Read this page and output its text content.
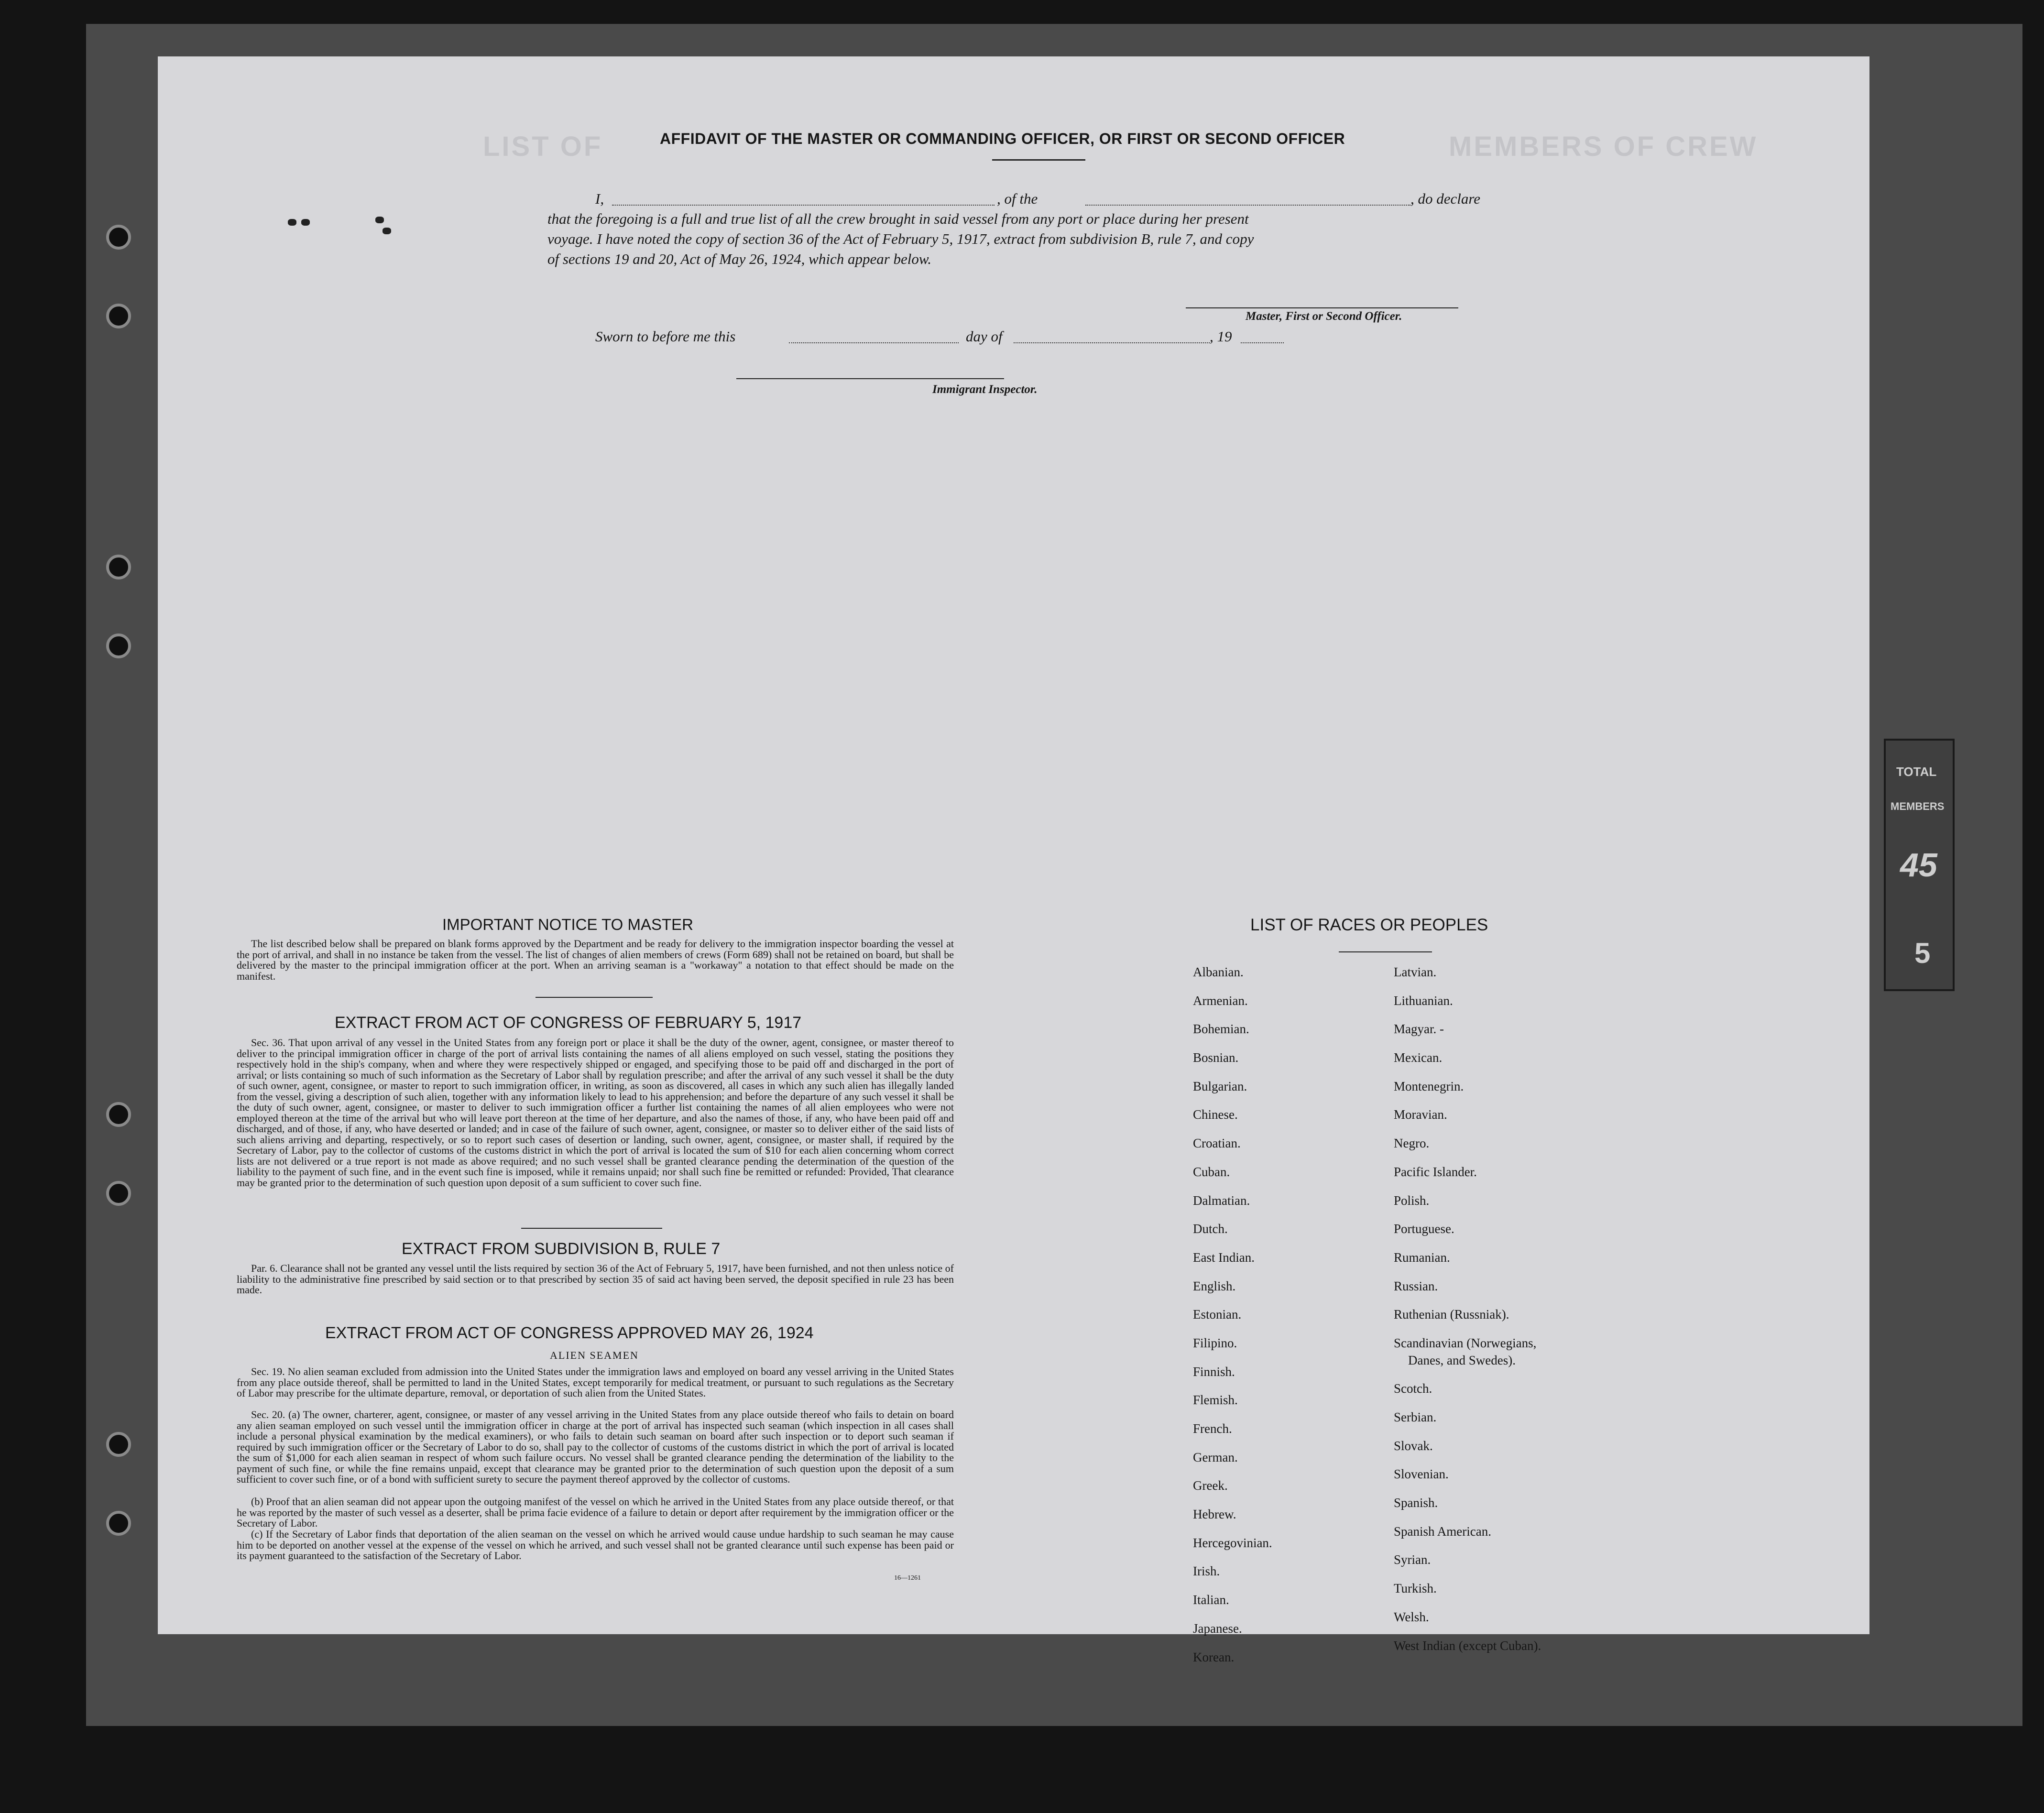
TOTAL
MEMBERS
45
5
LIST OF	MEMBERS OF CREW
AFFIDAVIT OF THE MASTER OR COMMANDING OFFICER, OR FIRST OR SECOND OFFICER
I,	, of the	, do declare
that the foregoing is a full and true list of all the crew brought in said vessel from any port or place during her present
voyage. I have noted the copy of section 36 of the Act of February 5, 1917, extract from subdivision B, rule 7, and copy
of sections 19 and 20, Act of May 26, 1924, which appear below.
Master, First or Second Officer.
Sworn to before me this	day of	, 19
Immigrant Inspector.
IMPORTANT NOTICE TO MASTER
The list described below shall be prepared on blank forms approved by the Department and be ready for delivery to the immigration inspector boarding the vessel at the port of arrival, and shall in no instance be taken from the vessel. The list of changes of alien members of crews (Form 689) shall not be retained on board, but shall be delivered by the master to the principal immigration officer at the port. When an arriving seaman is a "workaway" a notation to that effect should be made on the manifest.
EXTRACT FROM ACT OF CONGRESS OF FEBRUARY 5, 1917
Sec. 36. That upon arrival of any vessel in the United States from any foreign port or place it shall be the duty of the owner, agent, consignee, or master thereof to deliver to the principal immigration officer in charge of the port of arrival lists containing the names of all aliens employed on such vessel, stating the positions they respectively hold in the ship's company, when and where they were respectively shipped or engaged, and specifying those to be paid off and discharged in the port of arrival; or lists containing so much of such information as the Secretary of Labor shall by regulation prescribe; and after the arrival of any such vessel it shall be the duty of such owner, agent, consignee, or master to report to such immigration officer, in writing, as soon as discovered, all cases in which any such alien has illegally landed from the vessel, giving a description of such alien, together with any information likely to lead to his apprehension; and before the departure of any such vessel it shall be the duty of such owner, agent, consignee, or master to deliver to such immigration officer a further list containing the names of all alien employees who were not employed thereon at the time of the arrival but who will leave port thereon at the time of her departure, and also the names of those, if any, who have been paid off and discharged, and of those, if any, who have deserted or landed; and in case of the failure of such owner, agent, consignee, or master so to deliver either of the said lists of such aliens arriving and departing, respectively, or so to report such cases of desertion or landing, such owner, agent, consignee, or master shall, if required by the Secretary of Labor, pay to the collector of customs of the customs district in which the port of arrival is located the sum of $10 for each alien concerning whom correct lists are not delivered or a true report is not made as above required; and no such vessel shall be granted clearance pending the determination of the question of the liability to the payment of such fine, and in the event such fine is imposed, while it remains unpaid; nor shall such fine be remitted or refunded: Provided, That clearance may be granted prior to the determination of such question upon deposit of a sum sufficient to cover such fine.
EXTRACT FROM SUBDIVISION B, RULE 7
Par. 6. Clearance shall not be granted any vessel until the lists required by section 36 of the Act of February 5, 1917, have been furnished, and not then unless notice of liability to the administrative fine prescribed by said section or to that prescribed by section 35 of said act having been served, the deposit specified in rule 23 has been made.
EXTRACT FROM ACT OF CONGRESS APPROVED MAY 26, 1924
ALIEN SEAMEN
Sec. 19. No alien seaman excluded from admission into the United States under the immigration laws and employed on board any vessel arriving in the United States from any place outside thereof, shall be permitted to land in the United States, except temporarily for medical treatment, or pursuant to such regulations as the Secretary of Labor may prescribe for the ultimate departure, removal, or deportation of such alien from the United States.
Sec. 20. (a) The owner, charterer, agent, consignee, or master of any vessel arriving in the United States from any place outside thereof who fails to detain on board any alien seaman employed on such vessel until the immigration officer in charge at the port of arrival has inspected such seaman (which inspection in all cases shall include a personal physical examination by the medical examiners), or who fails to detain such seaman on board after such inspection or to deport such seaman if required by such immigration officer or the Secretary of Labor to do so, shall pay to the collector of customs of the customs district in which the port of arrival is located the sum of $1,000 for each alien seaman in respect of whom such failure occurs. No vessel shall be granted clearance pending the determination of the liability to the payment of such fine, or while the fine remains unpaid, except that clearance may be granted prior to the determination of such question upon the deposit of a sum sufficient to cover such fine, or of a bond with sufficient surety to secure the payment thereof approved by the collector of customs.
(b) Proof that an alien seaman did not appear upon the outgoing manifest of the vessel on which he arrived in the United States from any place outside thereof, or that he was reported by the master of such vessel as a deserter, shall be prima facie evidence of a failure to detain or deport after requirement by the immigration officer or the Secretary of Labor.
(c) If the Secretary of Labor finds that deportation of the alien seaman on the vessel on which he arrived would cause undue hardship to such seaman he may cause him to be deported on another vessel at the expense of the vessel on which he arrived, and such vessel shall not be granted clearance until such expense has been paid or its payment guaranteed to the satisfaction of the Secretary of Labor.
16—1261
LIST OF RACES OR PEOPLES
Albanian.
Armenian.
Bohemian.
Bosnian.
Bulgarian.
Chinese.
Croatian.
Cuban.
Dalmatian.
Dutch.
East Indian.
English.
Estonian.
Filipino.
Finnish.
Flemish.
French.
German.
Greek.
Hebrew.
Hercegovinian.
Irish.
Italian.
Japanese.
Korean.
Latvian.
Lithuanian.
Magyar. -
Mexican.
Montenegrin.
Moravian.
Negro.
Pacific Islander.
Polish.
Portuguese.
Rumanian.
Russian.
Ruthenian (Russniak).
Scandinavian (Norwegians,
Danes, and Swedes).
Scotch.
Serbian.
Slovak.
Slovenian.
Spanish.
Spanish American.
Syrian.
Turkish.
Welsh.
West Indian (except Cuban).
